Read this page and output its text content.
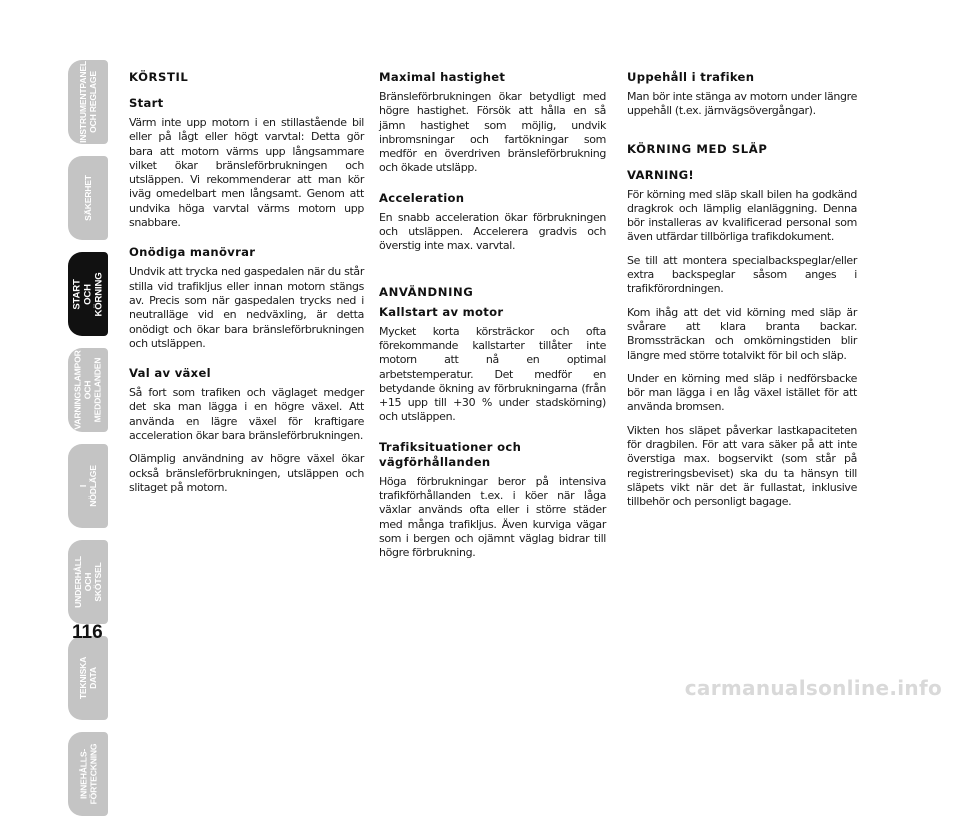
INSTRUMENTPANEL
OCH REGLAGE
SÄKERHET
START OCH
KÖRNING
VARNINGSLAMPOR
OCH MEDDELANDEN
I NÖDLÄGE
UNDERHÅLL
OCH SKÖTSEL
TEKNISKA
DATA
INNEHÅLLS-
FÖRTECKNING
116
KÖRSTIL
Start

Värm inte upp motorn i en stillastående bil eller på lågt eller högt varvtal: Detta gör bara att motorn värms upp långsammare vilket ökar bränsleförbrukningen och utsläppen. Vi rekommenderar att man kör iväg omedelbart men långsamt. Genom att undvika höga varvtal värms motorn upp snabbare.

Onödiga manövrar

Undvik att trycka ned gaspedalen när du står stilla vid trafikljus eller innan motorn stängs av. Precis som när gaspedalen trycks ned i neutralläge vid en nedväxling, är detta onödigt och ökar bara bränsleförbrukningen och utsläppen.

Val av växel

Så fort som trafiken och väglaget medger det ska man lägga i en högre växel. Att använda en lägre växel för kraftigare acceleration ökar bara bränsleförbrukningen.

Olämplig användning av högre växel ökar också bränsleförbrukningen, utsläppen och slitaget på motorn.

Maximal hastighet

Bränsleförbrukningen ökar betydligt med högre hastighet. Försök att hålla en så jämn hastighet som möjlig, undvik inbromsningar och fartökningar som medför en överdriven bränsleförbrukning och ökade utsläpp.

Acceleration

En snabb acceleration ökar förbrukningen och utsläppen. Accelerera gradvis och överstig inte max. varvtal.

ANVÄNDNING
Kallstart av motor

Mycket korta körsträckor och ofta förekommande kallstarter tillåter inte motorn att nå en optimal arbetstemperatur. Det medför en betydande ökning av förbrukningarna (från +15 upp till +30 % under stadskörning) och utsläppen.

Trafiksituationer och vägförhållanden

Höga förbrukningar beror på intensiva trafikförhållanden t.ex. i köer när låga växlar används ofta eller i större städer med många trafikljus. Även kurviga vägar som i bergen och ojämnt väglag bidrar till högre förbrukning.

Uppehåll i trafiken

Man bör inte stänga av motorn under längre uppehåll (t.ex. järnvägsövergångar).

KÖRNING MED SLÄP
VARNING!

För körning med släp skall bilen ha godkänd dragkrok och lämplig elanläggning. Denna bör installeras av kvalificerad personal som även utfärdar tillbörliga trafikdokument.

Se till att montera specialbackspeglar/eller extra backspeglar såsom anges i trafikförordningen.

Kom ihåg att det vid körning med släp är svårare att klara branta backar. Bromssträckan och omkörningstiden blir längre med större totalvikt för bil och släp.

Under en körning med släp i nedförsbacke bör man lägga i en låg växel istället för att använda bromsen.

Vikten hos släpet påverkar lastkapaciteten för dragbilen. För att vara säker på att inte överstiga max. bogservikt (som står på registreringsbeviset) ska du ta hänsyn till släpets vikt när det är fullastat, inklusive tillbehör och personligt bagage.

carmanualsonline.info
